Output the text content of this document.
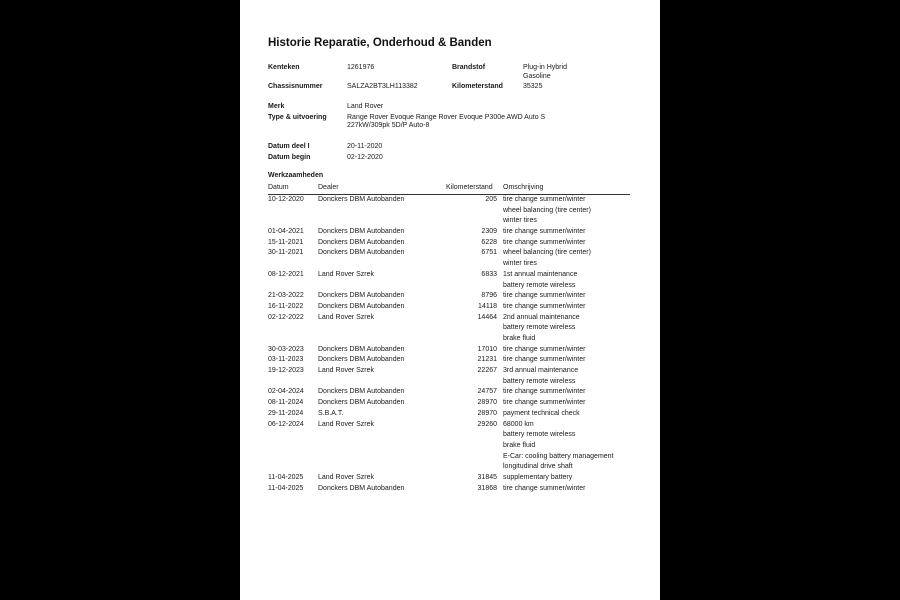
Historie Reparatie, Onderhoud & Banden
Kenteken	1261976	Brandstof	Plug-in Hybrid
Gasoline
Chassisnummer	SALZA2BT3LH113382	Kilometerstand	35325
Merk	Land Rover
Type & uitvoering	Range Rover Evoque Range Rover Evoque P300e AWD Auto S
227kW/309pk 5D/P Auto-8
Datum deel I	20-11-2020
Datum begin	02-12-2020
Werkzaamheden
Datum	Dealer	Kilometerstand Omschrijving
10-12-2020 Donckers DBM Autobanden	205 tire change summer/winter
wheel balancing (tire center)
winter tires
01-04-2021 Donckers DBM Autobanden	2309 tire change summer/winter
15-11-2021 Donckers DBM Autobanden	6228 tire change summer/winter
30-11-2021 Donckers DBM Autobanden	6751 wheel balancing (tire center)
winter tires
08-12-2021 Land Rover Szrek	6833 1st annual maintenance
battery remote wireless
21-03-2022 Donckers DBM Autobanden	8796 tire change summer/winter
16-11-2022 Donckers DBM Autobanden	14118 tire change summer/winter
02-12-2022 Land Rover Szrek	14464 2nd annual maintenance
battery remote wireless
brake fluid
30-03-2023 Donckers DBM Autobanden	17010 tire change summer/winter
03-11-2023 Donckers DBM Autobanden	21231 tire change summer/winter
19-12-2023 Land Rover Szrek	22267 3rd annual maintenance
battery remote wireless
02-04-2024 Donckers DBM Autobanden	24757 tire change summer/winter
08-11-2024 Donckers DBM Autobanden	28970 tire change summer/winter
29-11-2024 S.B.A.T.	28970 payment technical check
06-12-2024 Land Rover Szrek	29260 68000 km
battery remote wireless
brake fluid
E-Car: cooling battery management
longitudinal drive shaft
11-04-2025 Land Rover Szrek	31845 supplementary battery
11-04-2025 Donckers DBM Autobanden	31868 tire change summer/winter
